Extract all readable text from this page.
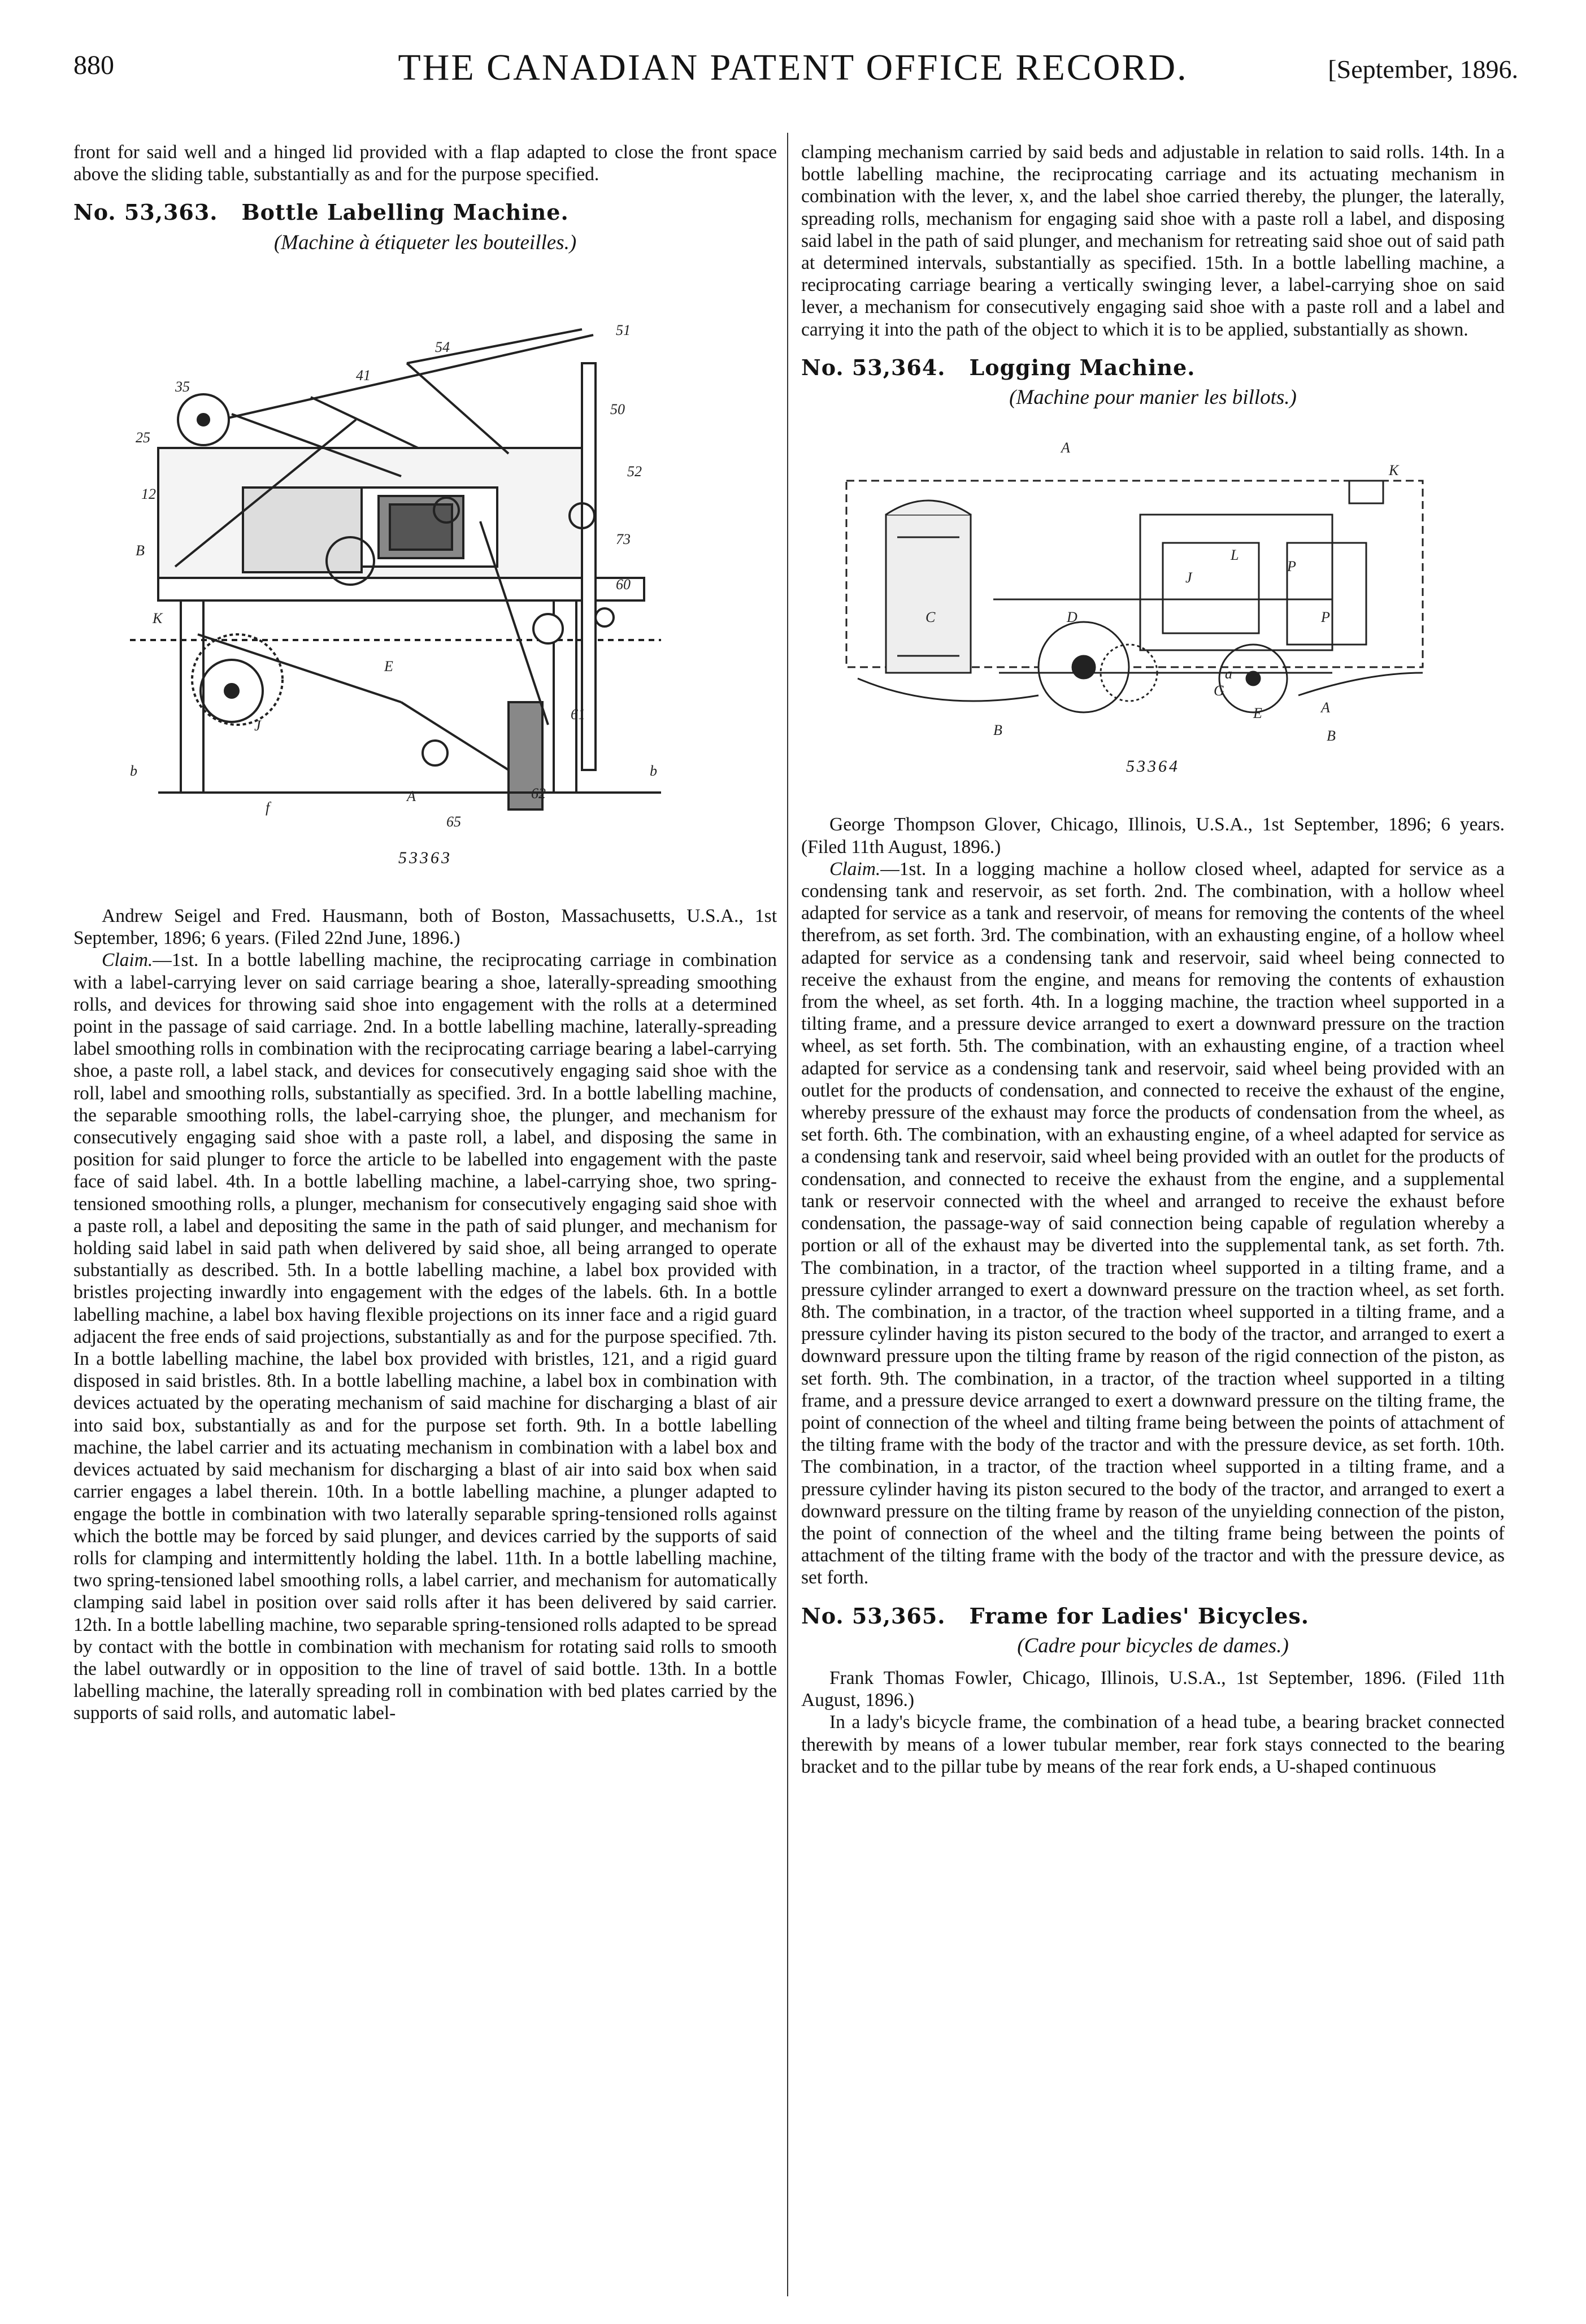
880	THE CANADIAN PATENT OFFICE RECORD.	[September, 1896.

front for said well and a hinged lid provided with a flap adapted to close the front space above the sliding table, substantially as and for the purpose specified.

No. 53,363. Bottle Labelling Machine.
(Machine à étiqueter les bouteilles.)
51
50
54
41
35
25
12
B
K
J
E
A
f
b	b
73
61
62
65
52
60
53363

Andrew Seigel and Fred. Hausmann, both of Boston, Massachusetts, U.S.A., 1st September, 1896; 6 years. (Filed 22nd June, 1896.)

Claim.—1st. In a bottle labelling machine, the reciprocating carriage in combination with a label-carrying lever on said carriage bearing a shoe, laterally-spreading smoothing rolls, and devices for throwing said shoe into engagement with the rolls at a determined point in the passage of said carriage. 2nd. In a bottle labelling machine, laterally-spreading label smoothing rolls in combination with the reciprocating carriage bearing a label-carrying shoe, a paste roll, a label stack, and devices for consecutively engaging said shoe with the roll, label and smoothing rolls, substantially as specified. 3rd. In a bottle labelling machine, the separable smoothing rolls, the label-carrying shoe, the plunger, and mechanism for consecutively engaging said shoe with a paste roll, a label, and disposing the same in position for said plunger to force the article to be labelled into engagement with the paste face of said label. 4th. In a bottle labelling machine, a label-carrying shoe, two spring-tensioned smoothing rolls, a plunger, mechanism for consecutively engaging said shoe with a paste roll, a label and depositing the same in the path of said plunger, and mechanism for holding said label in said path when delivered by said shoe, all being arranged to operate substantially as described. 5th. In a bottle labelling machine, a label box provided with bristles projecting inwardly into engagement with the edges of the labels. 6th. In a bottle labelling machine, a label box having flexible projections on its inner face and a rigid guard adjacent the free ends of said projections, substantially as and for the purpose specified. 7th. In a bottle labelling machine, the label box provided with bristles, 121, and a rigid guard disposed in said bristles. 8th. In a bottle labelling machine, a label box in combination with devices actuated by the operating mechanism of said machine for discharging a blast of air into said box, substantially as and for the purpose set forth. 9th. In a bottle labelling machine, the label carrier and its actuating mechanism in combination with a label box and devices actuated by said mechanism for discharging a blast of air into said box when said carrier engages a label therein. 10th. In a bottle labelling machine, a plunger adapted to engage the bottle in combination with two laterally separable spring-tensioned rolls against which the bottle may be forced by said plunger, and devices carried by the supports of said rolls for clamping and intermittently holding the label. 11th. In a bottle labelling machine, two spring-tensioned label smoothing rolls, a label carrier, and mechanism for automatically clamping said label in position over said rolls after it has been delivered by said carrier. 12th. In a bottle labelling machine, two separable spring-tensioned rolls adapted to be spread by contact with the bottle in combination with mechanism for rotating said rolls to smooth the label outwardly or in opposition to the line of travel of said bottle. 13th. In a bottle labelling machine, the laterally spreading roll in combination with bed plates carried by the supports of said rolls, and automatic label-

clamping mechanism carried by said beds and adjustable in relation to said rolls. 14th. In a bottle labelling machine, the reciprocating carriage and its actuating mechanism in combination with the lever, x, and the label shoe carried thereby, the plunger, the laterally, spreading rolls, mechanism for engaging said shoe with a paste roll a label, and disposing said label in the path of said plunger, and mechanism for retreating said shoe out of said path at determined intervals, substantially as specified. 15th. In a bottle labelling machine, a reciprocating carriage bearing a vertically swinging lever, a label-carrying shoe on said lever, a mechanism for consecutively engaging said shoe with a paste roll and a label and carrying it into the path of the object to which it is to be applied, substantially as shown.

No. 53,364. Logging Machine.
(Machine pour manier les billots.)
A
K
C	D
J
L
P
P
E	A
B	B
G
a
53364

George Thompson Glover, Chicago, Illinois, U.S.A., 1st September, 1896; 6 years. (Filed 11th August, 1896.)

Claim.—1st. In a logging machine a hollow closed wheel, adapted for service as a condensing tank and reservoir, as set forth. 2nd. The combination, with a hollow wheel adapted for service as a tank and reservoir, of means for removing the contents of the wheel therefrom, as set forth. 3rd. The combination, with an exhausting engine, of a hollow wheel adapted for service as a condensing tank and reservoir, said wheel being connected to receive the exhaust from the engine, and means for removing the contents of exhaustion from the wheel, as set forth. 4th. In a logging machine, the traction wheel supported in a tilting frame, and a pressure device arranged to exert a downward pressure on the traction wheel, as set forth. 5th. The combination, with an exhausting engine, of a traction wheel adapted for service as a condensing tank and reservoir, said wheel being provided with an outlet for the products of condensation, and connected to receive the exhaust of the engine, whereby pressure of the exhaust may force the products of condensation from the wheel, as set forth. 6th. The combination, with an exhausting engine, of a wheel adapted for service as a condensing tank and reservoir, said wheel being provided with an outlet for the products of condensation, and connected to receive the exhaust from the engine, and a supplemental tank or reservoir connected with the wheel and arranged to receive the exhaust before condensation, the passage-way of said connection being capable of regulation whereby a portion or all of the exhaust may be diverted into the supplemental tank, as set forth. 7th. The combination, in a tractor, of the traction wheel supported in a tilting frame, and a pressure cylinder arranged to exert a downward pressure on the traction wheel, as set forth. 8th. The combination, in a tractor, of the traction wheel supported in a tilting frame, and a pressure cylinder having its piston secured to the body of the tractor, and arranged to exert a downward pressure upon the tilting frame by reason of the rigid connection of the piston, as set forth. 9th. The combination, in a tractor, of the traction wheel supported in a tilting frame, and a pressure device arranged to exert a downward pressure on the tilting frame, the point of connection of the wheel and tilting frame being between the points of attachment of the tilting frame with the body of the tractor and with the pressure device, as set forth. 10th. The combination, in a tractor, of the traction wheel supported in a tilting frame, and a pressure cylinder having its piston secured to the body of the tractor, and arranged to exert a downward pressure on the tilting frame by reason of the unyielding connection of the piston, the point of connection of the wheel and the tilting frame being between the points of attachment of the tilting frame with the body of the tractor and with the pressure device, as set forth.

No. 53,365. Frame for Ladies' Bicycles.
(Cadre pour bicycles de dames.)

Frank Thomas Fowler, Chicago, Illinois, U.S.A., 1st September, 1896. (Filed 11th August, 1896.)

In a lady's bicycle frame, the combination of a head tube, a bearing bracket connected therewith by means of a lower tubular member, rear fork stays connected to the bearing bracket and to the pillar tube by means of the rear fork ends, a U-shaped continuous
